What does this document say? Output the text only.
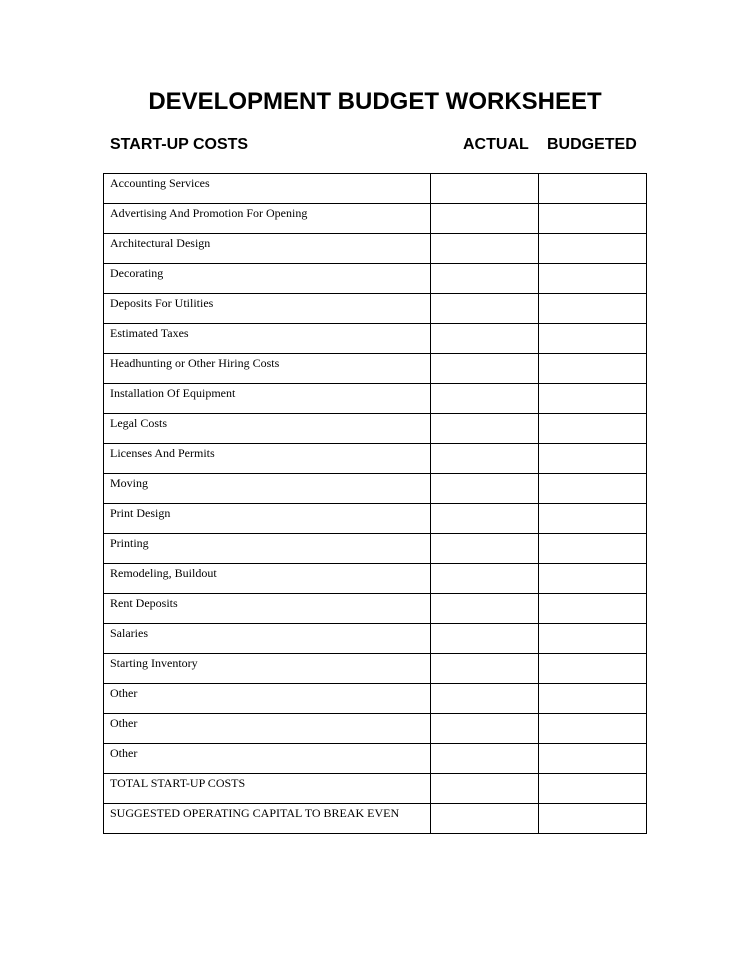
DEVELOPMENT BUDGET WORKSHEET
START-UP COSTS	ACTUAL BUDGETED
Accounting Services		
Advertising And Promotion For Opening		
Architectural Design		
Decorating		
Deposits For Utilities		
Estimated Taxes		
Headhunting or Other Hiring Costs		
Installation Of Equipment		
Legal Costs		
Licenses And Permits		
Moving		
Print Design		
Printing		
Remodeling, Buildout		
Rent Deposits		
Salaries		
Starting Inventory		
Other		
Other		
Other		
TOTAL START-UP COSTS		
SUGGESTED OPERATING CAPITAL TO BREAK EVEN		
